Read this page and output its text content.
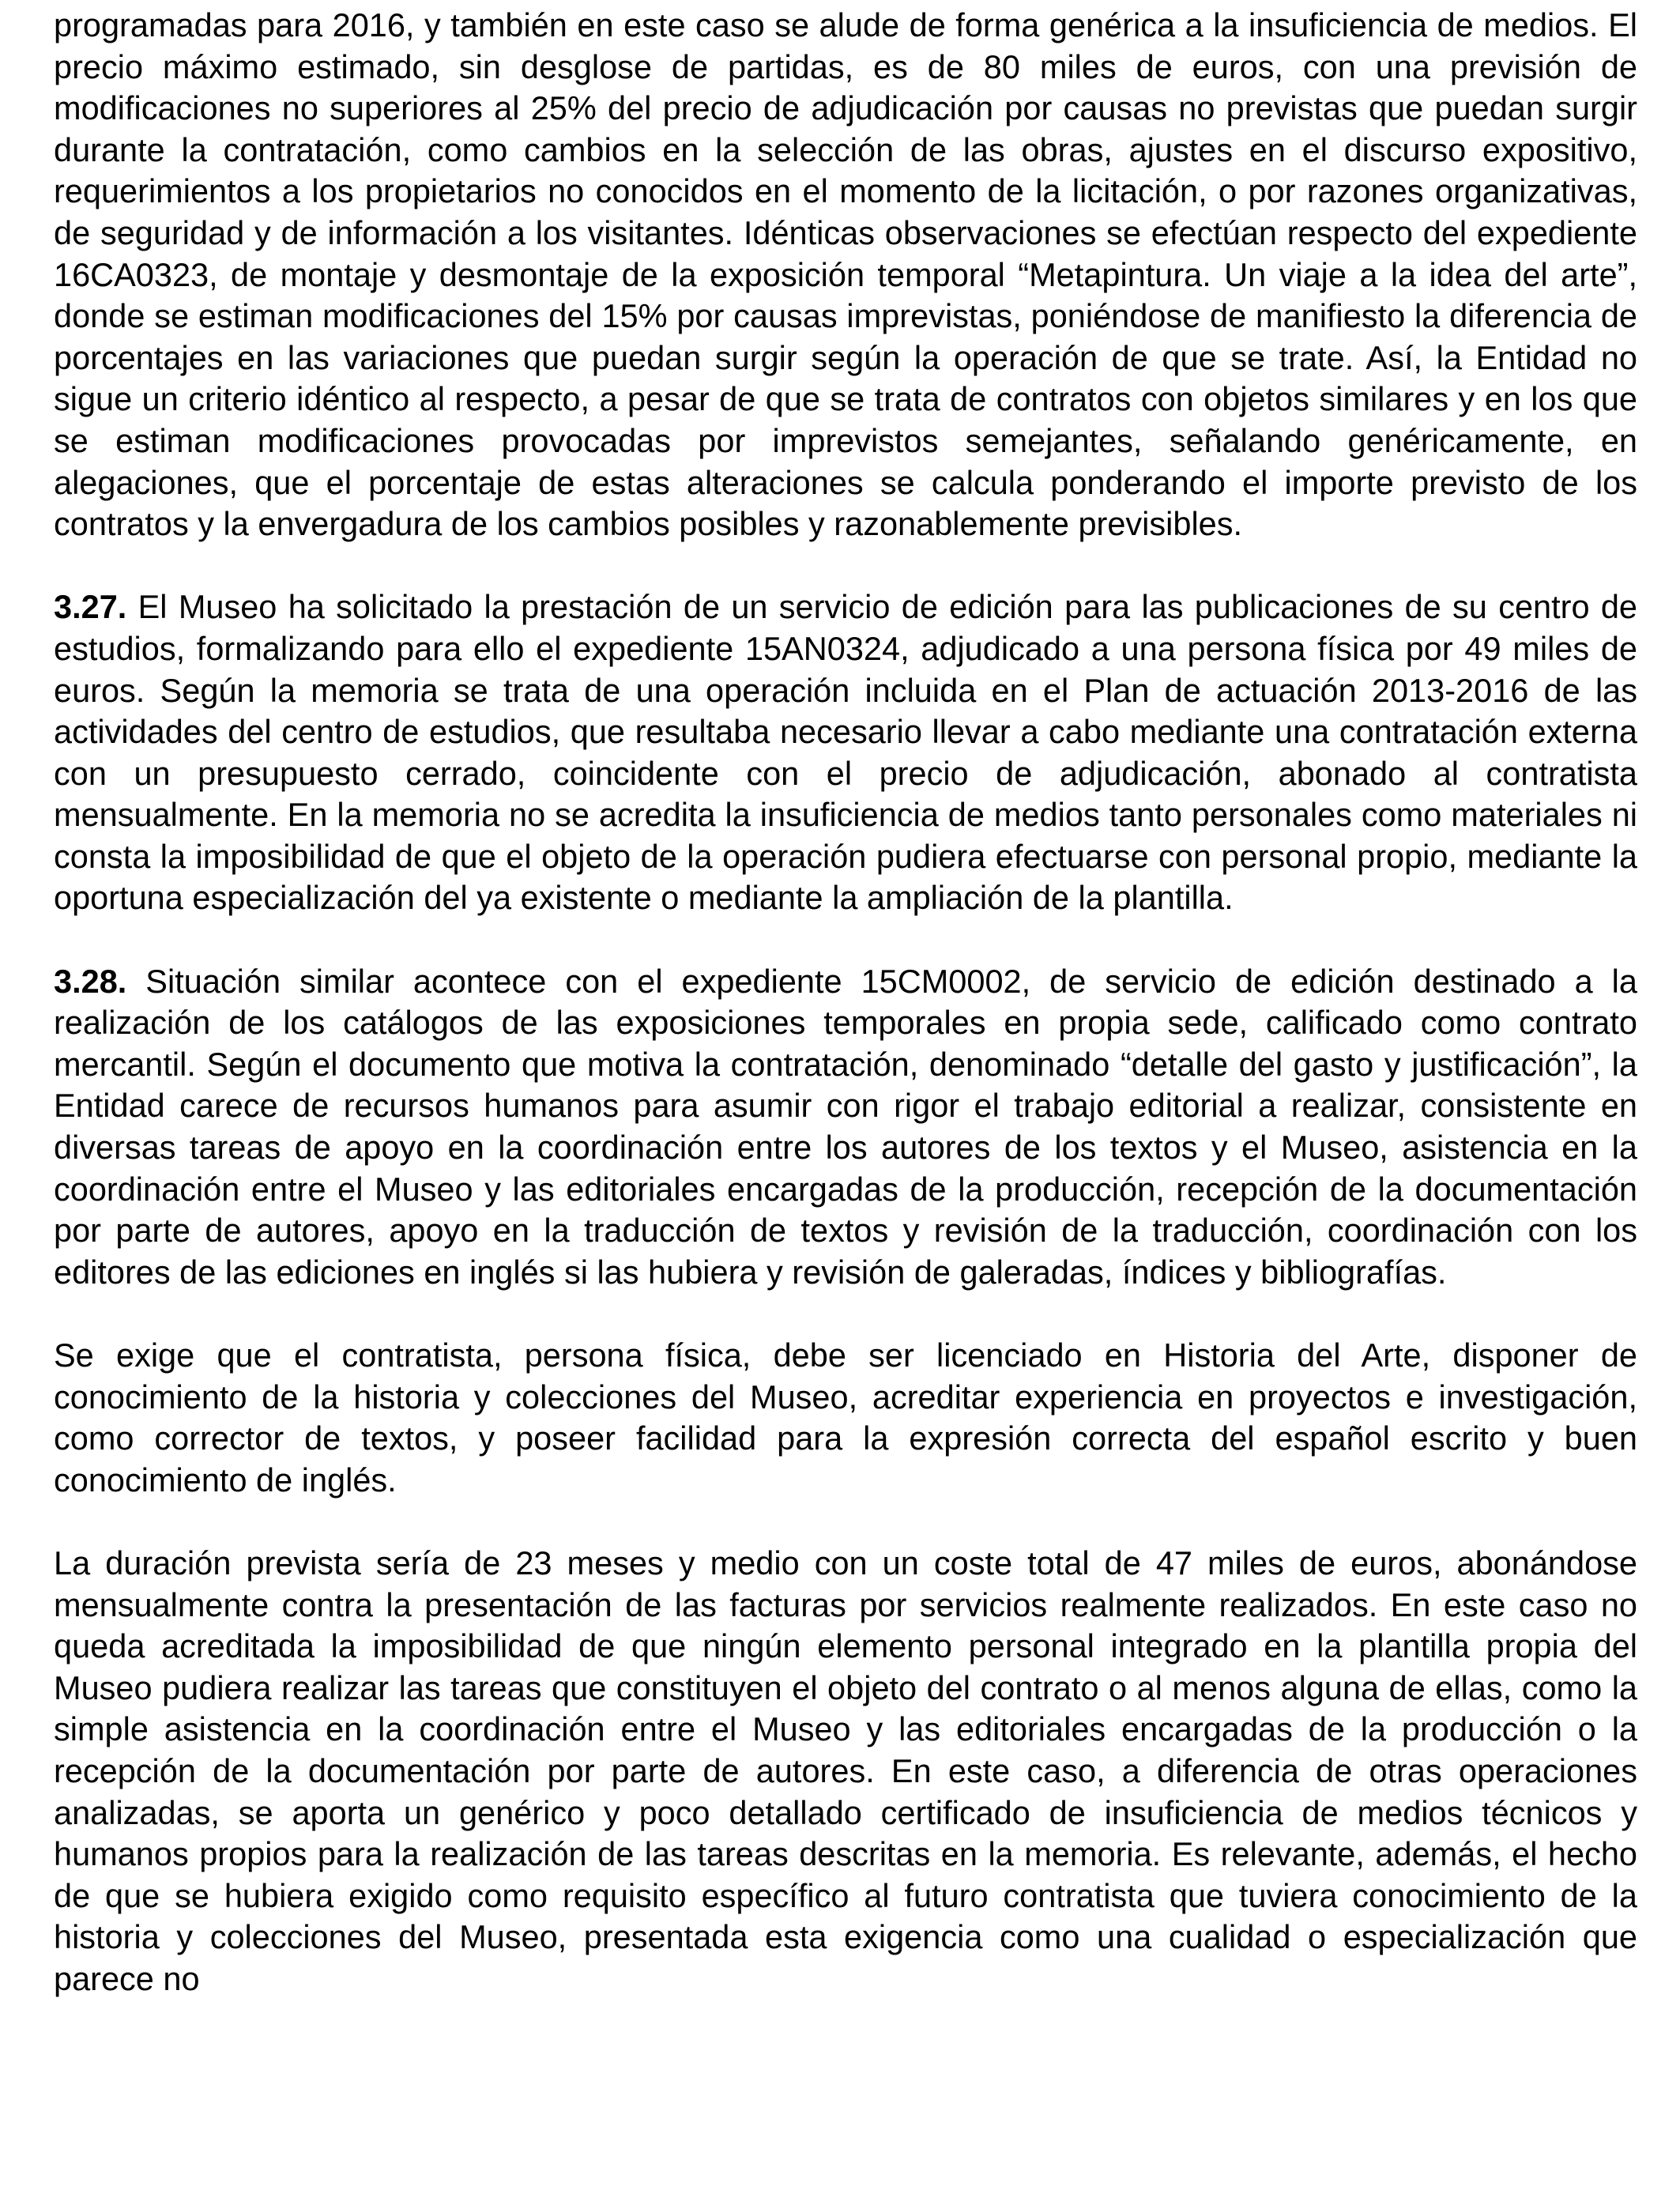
programadas para 2016, y también en este caso se alude de forma genérica a la insuficiencia de medios. El precio máximo estimado, sin desglose de partidas, es de 80 miles de euros, con una previsión de modificaciones no superiores al 25% del precio de adjudicación por causas no previstas que puedan surgir durante la contratación, como cambios en la selección de las obras, ajustes en el discurso expositivo, requerimientos a los propietarios no conocidos en el momento de la licitación, o por razones organizativas, de seguridad y de información a los visitantes. Idénticas observaciones se efectúan respecto del expediente 16CA0323, de montaje y desmontaje de la exposición temporal “Metapintura. Un viaje a la idea del arte”, donde se estiman modificaciones del 15% por causas imprevistas, poniéndose de manifiesto la diferencia de porcentajes en las variaciones que puedan surgir según la operación de que se trate. Así, la Entidad no sigue un criterio idéntico al respecto, a pesar de que se trata de contratos con objetos similares y en los que se estiman modificaciones provocadas por imprevistos semejantes, señalando genéricamente, en alegaciones, que el porcentaje de estas alteraciones se calcula ponderando el importe previsto de los contratos y la envergadura de los cambios posibles y razonablemente previsibles.

3.27. El Museo ha solicitado la prestación de un servicio de edición para las publicaciones de su centro de estudios, formalizando para ello el expediente 15AN0324, adjudicado a una persona física por 49 miles de euros. Según la memoria se trata de una operación incluida en el Plan de actuación 2013-2016 de las actividades del centro de estudios, que resultaba necesario llevar a cabo mediante una contratación externa con un presupuesto cerrado, coincidente con el precio de adjudicación, abonado al contratista mensualmente. En la memoria no se acredita la insuficiencia de medios tanto personales como materiales ni consta la imposibilidad de que el objeto de la operación pudiera efectuarse con personal propio, mediante la oportuna especialización del ya existente o mediante la ampliación de la plantilla.

3.28. Situación similar acontece con el expediente 15CM0002, de servicio de edición destinado a la realización de los catálogos de las exposiciones temporales en propia sede, calificado como contrato mercantil. Según el documento que motiva la contratación, denominado “detalle del gasto y justificación”, la Entidad carece de recursos humanos para asumir con rigor el trabajo editorial a realizar, consistente en diversas tareas de apoyo en la coordinación entre los autores de los textos y el Museo, asistencia en la coordinación entre el Museo y las editoriales encargadas de la producción, recepción de la documentación por parte de autores, apoyo en la traducción de textos y revisión de la traducción, coordinación con los editores de las ediciones en inglés si las hubiera y revisión de galeradas, índices y bibliografías.

Se exige que el contratista, persona física, debe ser licenciado en Historia del Arte, disponer de conocimiento de la historia y colecciones del Museo, acreditar experiencia en proyectos e investigación, como corrector de textos, y poseer facilidad para la expresión correcta del español escrito y buen conocimiento de inglés.

La duración prevista sería de 23 meses y medio con un coste total de 47 miles de euros, abonándose mensualmente contra la presentación de las facturas por servicios realmente realizados. En este caso no queda acreditada la imposibilidad de que ningún elemento personal integrado en la plantilla propia del Museo pudiera realizar las tareas que constituyen el objeto del contrato o al menos alguna de ellas, como la simple asistencia en la coordinación entre el Museo y las editoriales encargadas de la producción o la recepción de la documentación por parte de autores. En este caso, a diferencia de otras operaciones analizadas, se aporta un genérico y poco detallado certificado de insuficiencia de medios técnicos y humanos propios para la realización de las tareas descritas en la memoria. Es relevante, además, el hecho de que se hubiera exigido como requisito específico al futuro contratista que tuviera conocimiento de la historia y colecciones del Museo, presentada esta exigencia como una cualidad o especialización que parece no
